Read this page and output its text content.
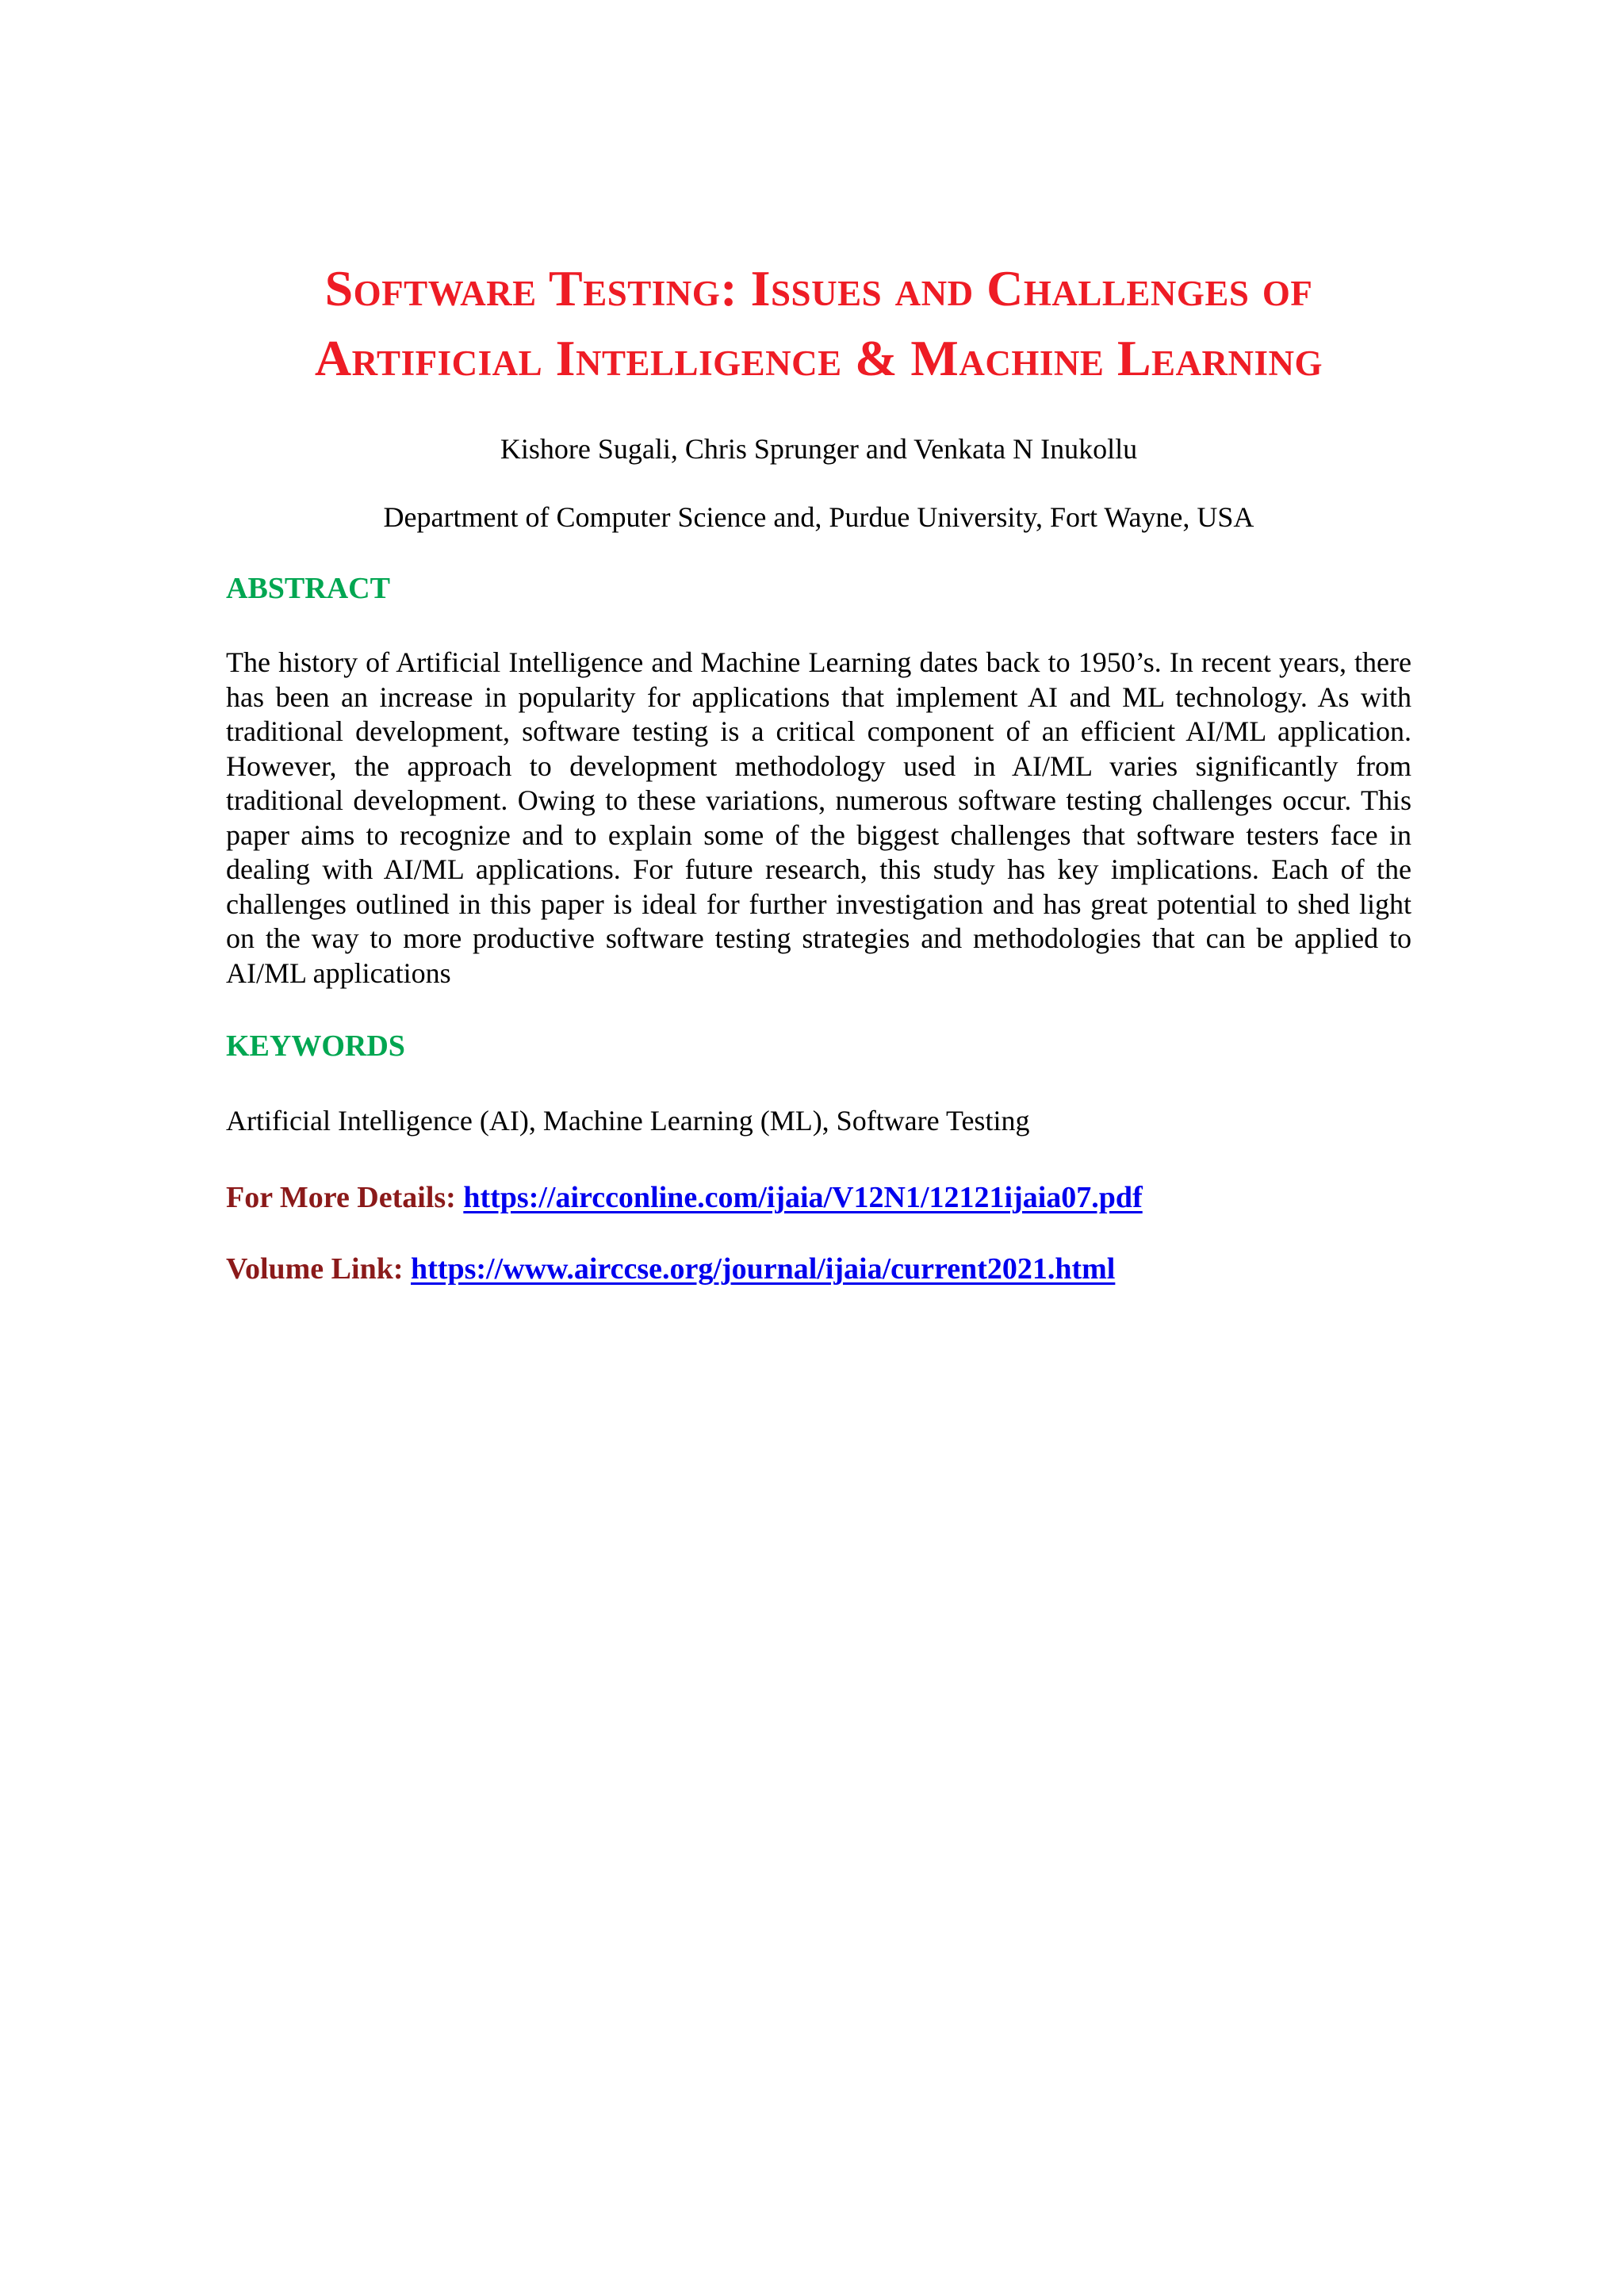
Software Testing: Issues and Challenges of Artificial Intelligence & Machine Learning

Kishore Sugali, Chris Sprunger and Venkata N Inukollu

Department of Computer Science and, Purdue University, Fort Wayne, USA

ABSTRACT

The history of Artificial Intelligence and Machine Learning dates back to 1950’s. In recent years, there has been an increase in popularity for applications that implement AI and ML technology. As with traditional development, software testing is a critical component of an efficient AI/ML application. However, the approach to development methodology used in AI/ML varies significantly from traditional development. Owing to these variations, numerous software testing challenges occur. This paper aims to recognize and to explain some of the biggest challenges that software testers face in dealing with AI/ML applications. For future research, this study has key implications. Each of the challenges outlined in this paper is ideal for further investigation and has great potential to shed light on the way to more productive software testing strategies and methodologies that can be applied to AI/ML applications

KEYWORDS

Artificial Intelligence (AI), Machine Learning (ML), Software Testing

For More Details: https://aircconline.com/ijaia/V12N1/12121ijaia07.pdf

Volume Link: https://www.airccse.org/journal/ijaia/current2021.html
